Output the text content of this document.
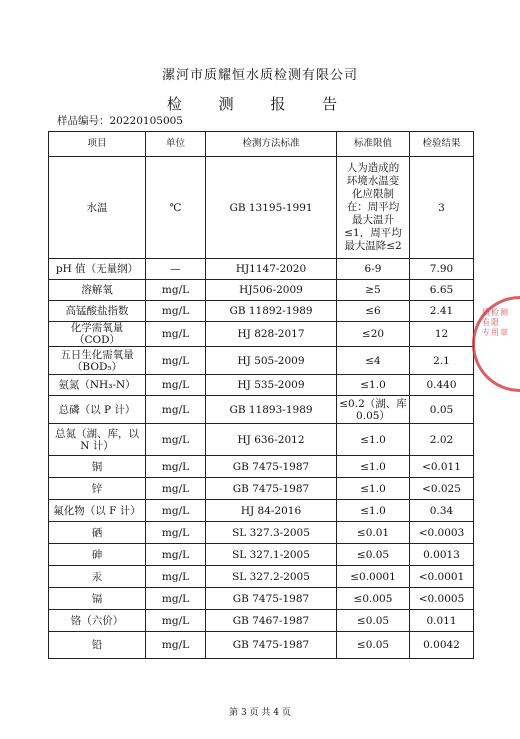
漯河市质耀恒水质检测有限公司
检 测 报 告
样品编号：20220105005
项目	单位	检测方法标准	标准限值	检验结果
水温	℃	GB 13195-1991	人为造成的环境水温变化应限制在：周平均最大温升≤1，周平均最大温降≤2	3
pH 值（无量纲）	—	HJ1147-2020	6-9	7.90
溶解氧	mg/L	HJ506-2009	≥5	6.65
高锰酸盐指数	mg/L	GB 11892-1989	≤6	2.41
化学需氧量（COD）	mg/L	HJ 828-2017	≤20	12
五日生化需氧量（BOD₅）	mg/L	HJ 505-2009	≤4	2.1
氨氮（NH₃-N）	mg/L	HJ 535-2009	≤1.0	0.440
总磷（以 P 计）	mg/L	GB 11893-1989	≤0.2（湖、库 0.05）	0.05
总氮（湖、库，以 N 计）	mg/L	HJ 636-2012	≤1.0	2.02
铜	mg/L	GB 7475-1987	≤1.0	<0.011
锌	mg/L	GB 7475-1987	≤1.0	<0.025
氟化物（以 F 计）	mg/L	HJ 84-2016	≤1.0	0.34
硒	mg/L	SL 327.3-2005	≤0.01	<0.0003
砷	mg/L	SL 327.1-2005	≤0.05	0.0013
汞	mg/L	SL 327.2-2005	≤0.0001	<0.0001
镉	mg/L	GB 7475-1987	≤0.005	<0.0005
铬（六价）	mg/L	GB 7467-1987	≤0.05	0.011
铅	mg/L	GB 7475-1987	≤0.05	0.0042
质检测
有限
专用章
第 3 页 共 4 页
